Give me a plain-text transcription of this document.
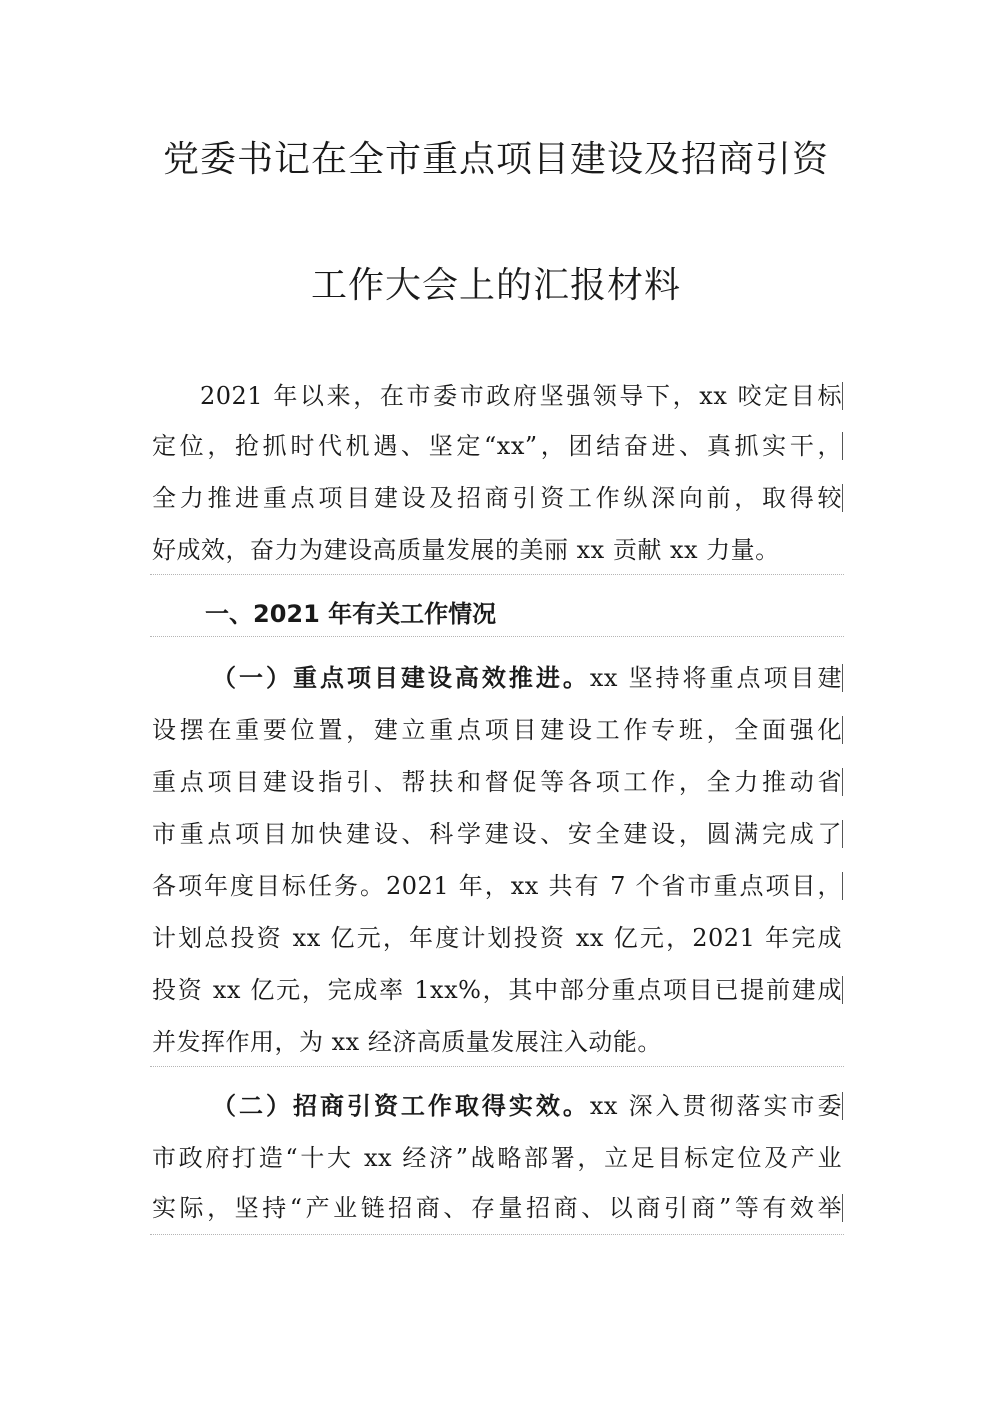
党委书记在全市重点项目建设及招商引资
工作大会上的汇报材料
2021 年以来，在市委市政府坚强领导下，xx 咬定目标
定位，抢抓时代机遇、坚定“xx”，团结奋进、真抓实干，
全力推进重点项目建设及招商引资工作纵深向前，取得较
好成效，奋力为建设高质量发展的美丽 xx 贡献 xx 力量。
一、2021 年有关工作情况
（一）重点项目建设高效推进。xx 坚持将重点项目建
设摆在重要位置，建立重点项目建设工作专班，全面强化
重点项目建设指引、帮扶和督促等各项工作，全力推动省
市重点项目加快建设、科学建设、安全建设，圆满完成了
各项年度目标任务。2021 年，xx 共有 7 个省市重点项目，
计划总投资 xx 亿元，年度计划投资 xx 亿元，2021 年完成
投资 xx 亿元，完成率 1xx%，其中部分重点项目已提前建成
并发挥作用，为 xx 经济高质量发展注入动能。
（二）招商引资工作取得实效。xx 深入贯彻落实市委
市政府打造“十大 xx 经济”战略部署，立足目标定位及产业
实际，坚持“产业链招商、存量招商、以商引商”等有效举
